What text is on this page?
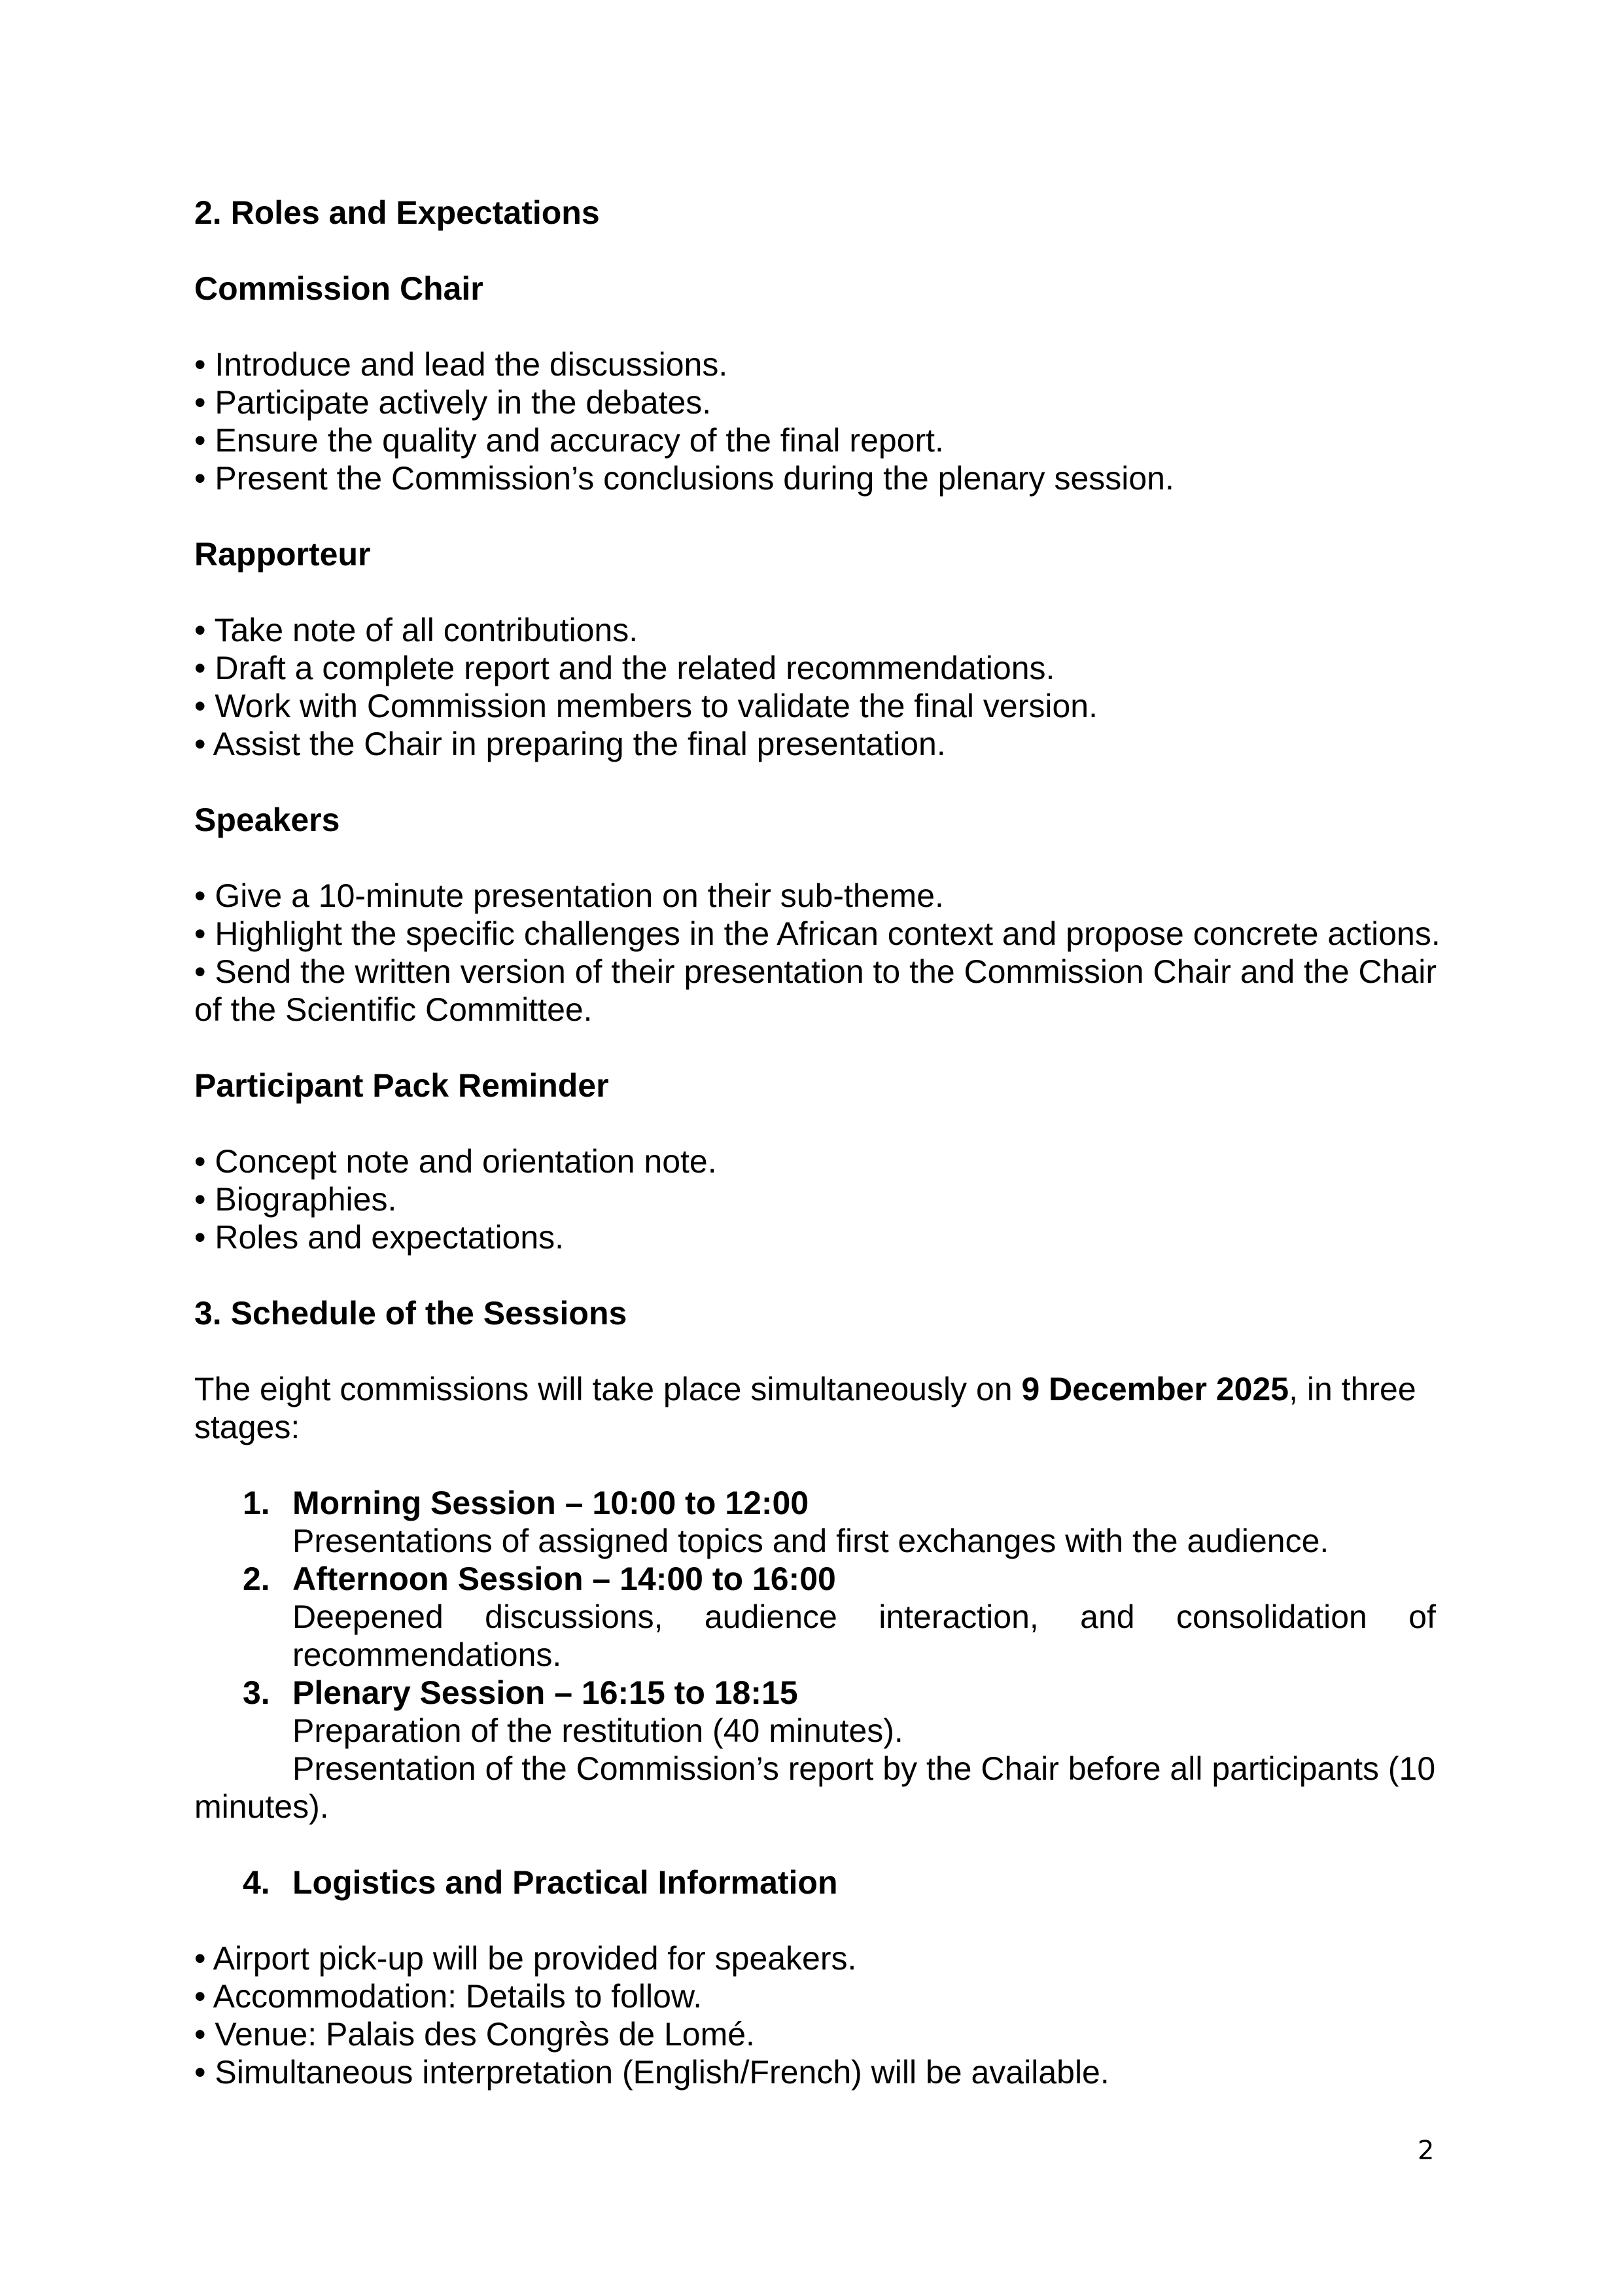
2. Roles and Expectations
Commission Chair
• Introduce and lead the discussions.
• Participate actively in the debates.
• Ensure the quality and accuracy of the final report.
• Present the Commission’s conclusions during the plenary session.
Rapporteur
• Take note of all contributions.
• Draft a complete report and the related recommendations.
• Work with Commission members to validate the final version.
• Assist the Chair in preparing the final presentation.
Speakers
• Give a 10-minute presentation on their sub-theme.
• Highlight the specific challenges in the African context and propose concrete actions.
• Send the written version of their presentation to the Commission Chair and the Chair
of the Scientific Committee.
Participant Pack Reminder
• Concept note and orientation note.
• Biographies.
• Roles and expectations.
3. Schedule of the Sessions
The eight commissions will take place simultaneously on 9 December 2025 , in three
stages:
1. Morning Session – 10:00 to 12:00
Presentations of assigned topics and first exchanges with the audience.
2. Afternoon Session – 14:00 to 16:00
Deepened discussions, audience interaction, and consolidation of
recommendations.
3. Plenary Session – 16:15 to 18:15
Preparation of the restitution (40 minutes).
Presentation of the Commission’s report by the Chair before all participants (10
minutes).
4. Logistics and Practical Information
• Airport pick-up will be provided for speakers.
• Accommodation: Details to follow.
• Venue: Palais des Congrès de Lomé.
• Simultaneous interpretation (English/French) will be available.
2
